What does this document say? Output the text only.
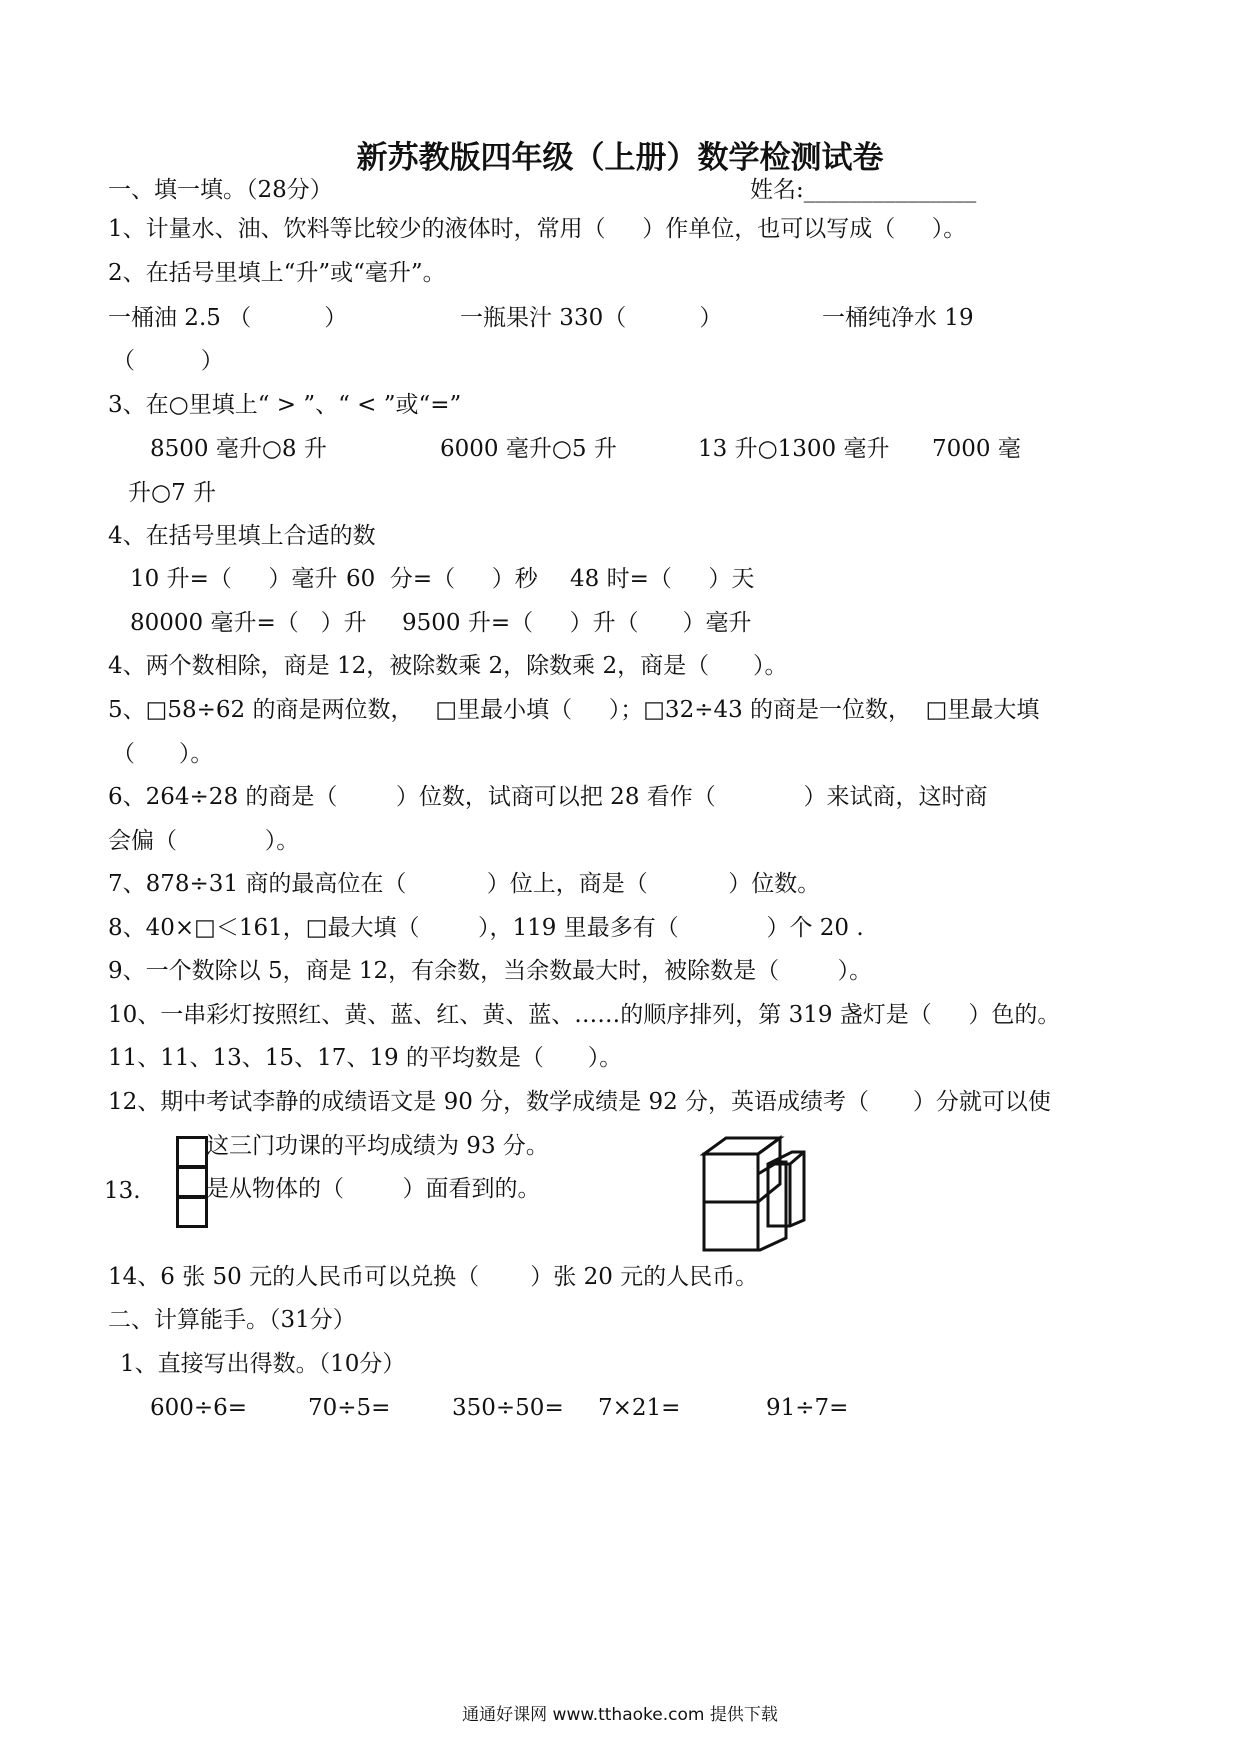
新苏教版四年级（上册）数学检测试卷
一、填一填。（28分）	姓名:_______________
1、计量水、油、饮料等比较少的液体时，常用（     ）作单位，也可以写成（     ）。
2、在括号里填上“升”或“毫升”。
一桶油 2.5 （          ）	一瓶果汁 330（          ）	一桶纯净水 19
（         ）
3、在○里填上“ > ”、“ < ”或“=”
8500 毫升○8 升	6000 毫升○5 升	13 升○1300 毫升 7000 毫
升○7 升
4、在括号里填上合适的数
10 升=（     ）毫升 60  分=（     ）秒 48 时=（     ）天
80000 毫升=（   ）升 9500 升=（     ）升（      ）毫升
4、两个数相除，商是 12，被除数乘 2，除数乘 2，商是（      ）。
5、□58÷62 的商是两位数，   □里最小填（     ）；□32÷43 的商是一位数，  □里最大填
（      ）。
6、264÷28 的商是（        ）位数，试商可以把 28 看作（            ）来试商，这时商
会偏（            ）。
7、878÷31 商的最高位在（           ）位上，商是（           ）位数。
8、40×□＜161，□最大填（        ），119 里最多有（            ）个 20 .
9、一个数除以 5，商是 12，有余数，当余数最大时，被除数是（        ）。
10、一串彩灯按照红、黄、蓝、红、黄、蓝、……的顺序排列，第 319 盏灯是（     ）色的。
11、11、13、15、17、19 的平均数是（      ）。
12、期中考试李静的成绩语文是 90 分，数学成绩是 92 分，英语成绩考（      ）分就可以使
这三门功课的平均成绩为 93 分。
13.	是从物体的（        ）面看到的。
14、6 张 50 元的人民币可以兑换（       ）张 20 元的人民币。
二、计算能手。（31分）
1、直接写出得数。（10分）
600÷6=	70÷5=	350÷50= 7×21=	91÷7=
通通好课网 www.tthaoke.com 提供下载
